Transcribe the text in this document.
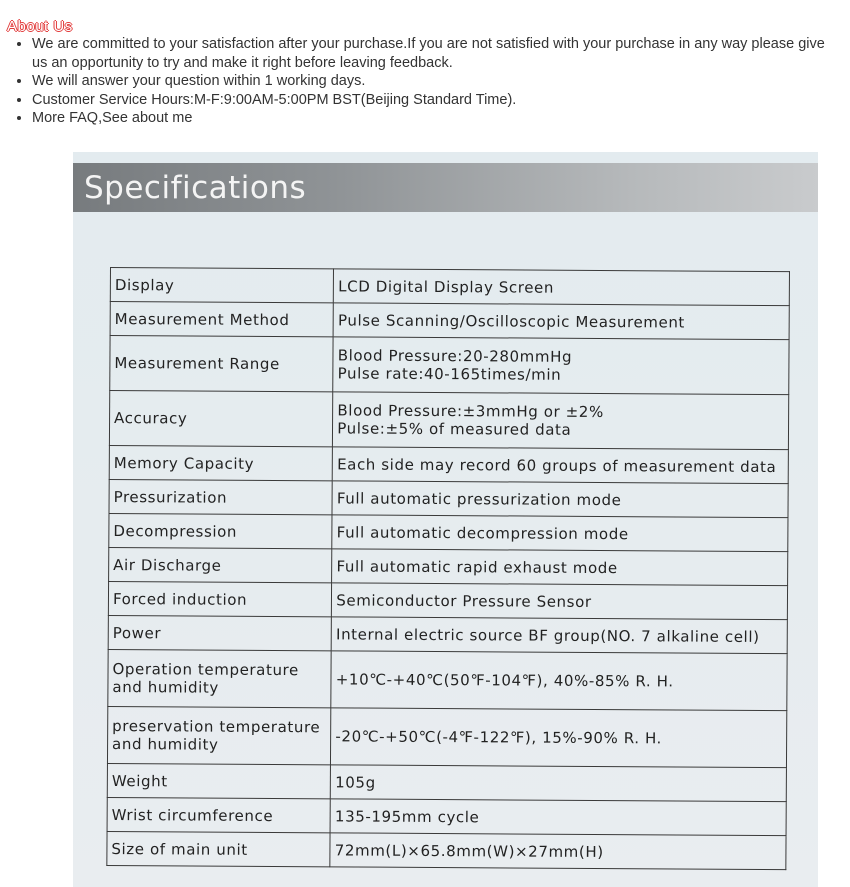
About Us
• We are committed to your satisfaction after your purchase.If you are not satisfied with your purchase in any way please give us an opportunity to try and make it right before leaving feedback.
• We will answer your question within 1 working days.
• Customer Service Hours:M-F:9:00AM-5:00PM BST(Beijing Standard Time).
• More FAQ,See about me
Specifications
Display	LCD Digital Display Screen
Measurement Method	Pulse Scanning/Oscilloscopic Measurement
Measurement Range	Blood Pressure:20-280mmHg
Pulse rate:40-165times/min

Accuracy	Blood Pressure:±3mmHg or ±2%
Pulse:±5% of measured data

Memory Capacity	Each side may record 60 groups of measurement data
Pressurization	Full automatic pressurization mode
Decompression	Full automatic decompression mode
Air Discharge	Full automatic rapid exhaust mode
Forced induction	Semiconductor Pressure Sensor
Power	Internal electric source BF group(NO. 7 alkaline cell)

Operation temperature
and humidity	+10℃-+40℃(50℉-104℉), 40%-85% R. H.

preservation temperature
and humidity	-20℃-+50℃(-4℉-122℉), 15%-90% R. H.
Weight	105g
Wrist circumference	135-195mm cycle
Size of main unit	72mm(L)×65.8mm(W)×27mm(H)
